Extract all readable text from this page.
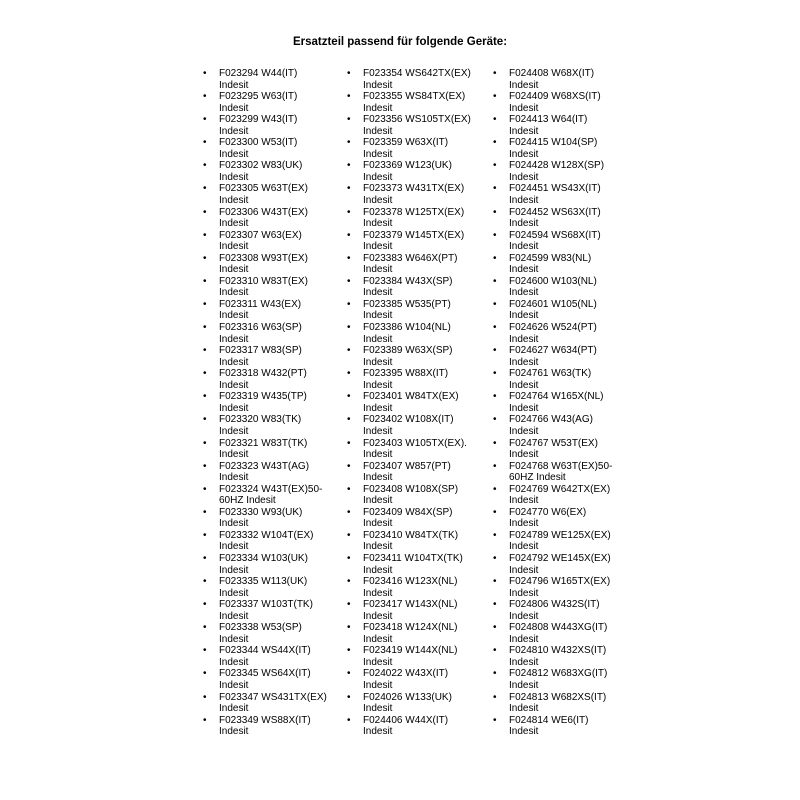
Ersatzteil passend für folgende Geräte:
• F023294 W44(IT)
Indesit
• F023295 W63(IT)
Indesit
• F023299 W43(IT)
Indesit
• F023300 W53(IT)
Indesit
• F023302 W83(UK)
Indesit
• F023305 W63T(EX)
Indesit
• F023306 W43T(EX)
Indesit
• F023307 W63(EX)
Indesit
• F023308 W93T(EX)
Indesit
• F023310 W83T(EX)
Indesit
• F023311 W43(EX)
Indesit
• F023316 W63(SP)
Indesit
• F023317 W83(SP)
Indesit
• F023318 W432(PT)
Indesit
• F023319 W435(TP)
Indesit
• F023320 W83(TK)
Indesit
• F023321 W83T(TK)
Indesit
• F023323 W43T(AG)
Indesit
• F023324 W43T(EX)50-
60HZ Indesit
• F023330 W93(UK)
Indesit
• F023332 W104T(EX)
Indesit
• F023334 W103(UK)
Indesit
• F023335 W113(UK)
Indesit
• F023337 W103T(TK)
Indesit
• F023338 W53(SP)
Indesit
• F023344 WS44X(IT)
Indesit
• F023345 WS64X(IT)
Indesit
• F023347 WS431TX(EX)
Indesit
• F023349 WS88X(IT)
Indesit
• F023354 WS642TX(EX)
Indesit
• F023355 WS84TX(EX)
Indesit
• F023356 WS105TX(EX)
Indesit
• F023359 W63X(IT)
Indesit
• F023369 W123(UK)
Indesit
• F023373 W431TX(EX)
Indesit
• F023378 W125TX(EX)
Indesit
• F023379 W145TX(EX)
Indesit
• F023383 W646X(PT)
Indesit
• F023384 W43X(SP)
Indesit
• F023385 W535(PT)
Indesit
• F023386 W104(NL)
Indesit
• F023389 W63X(SP)
Indesit
• F023395 W88X(IT)
Indesit
• F023401 W84TX(EX)
Indesit
• F023402 W108X(IT)
Indesit
• F023403 W105TX(EX).
Indesit
• F023407 W857(PT)
Indesit
• F023408 W108X(SP)
Indesit
• F023409 W84X(SP)
Indesit
• F023410 W84TX(TK)
Indesit
• F023411 W104TX(TK)
Indesit
• F023416 W123X(NL)
Indesit
• F023417 W143X(NL)
Indesit
• F023418 W124X(NL)
Indesit
• F023419 W144X(NL)
Indesit
• F024022 W43X(IT)
Indesit
• F024026 W133(UK)
Indesit
• F024406 W44X(IT)
Indesit
• F024408 W68X(IT)
Indesit
• F024409 W68XS(IT)
Indesit
• F024413 W64(IT)
Indesit
• F024415 W104(SP)
Indesit
• F024428 W128X(SP)
Indesit
• F024451 WS43X(IT)
Indesit
• F024452 WS63X(IT)
Indesit
• F024594 WS68X(IT)
Indesit
• F024599 W83(NL)
Indesit
• F024600 W103(NL)
Indesit
• F024601 W105(NL)
Indesit
• F024626 W524(PT)
Indesit
• F024627 W634(PT)
Indesit
• F024761 W63(TK)
Indesit
• F024764 W165X(NL)
Indesit
• F024766 W43(AG)
Indesit
• F024767 W53T(EX)
Indesit
• F024768 W63T(EX)50-
60HZ Indesit
• F024769 W642TX(EX)
Indesit
• F024770 W6(EX)
Indesit
• F024789 WE125X(EX)
Indesit
• F024792 WE145X(EX)
Indesit
• F024796 W165TX(EX)
Indesit
• F024806 W432S(IT)
Indesit
• F024808 W443XG(IT)
Indesit
• F024810 W432XS(IT)
Indesit
• F024812 W683XG(IT)
Indesit
• F024813 W682XS(IT)
Indesit
• F024814 WE6(IT)
Indesit
